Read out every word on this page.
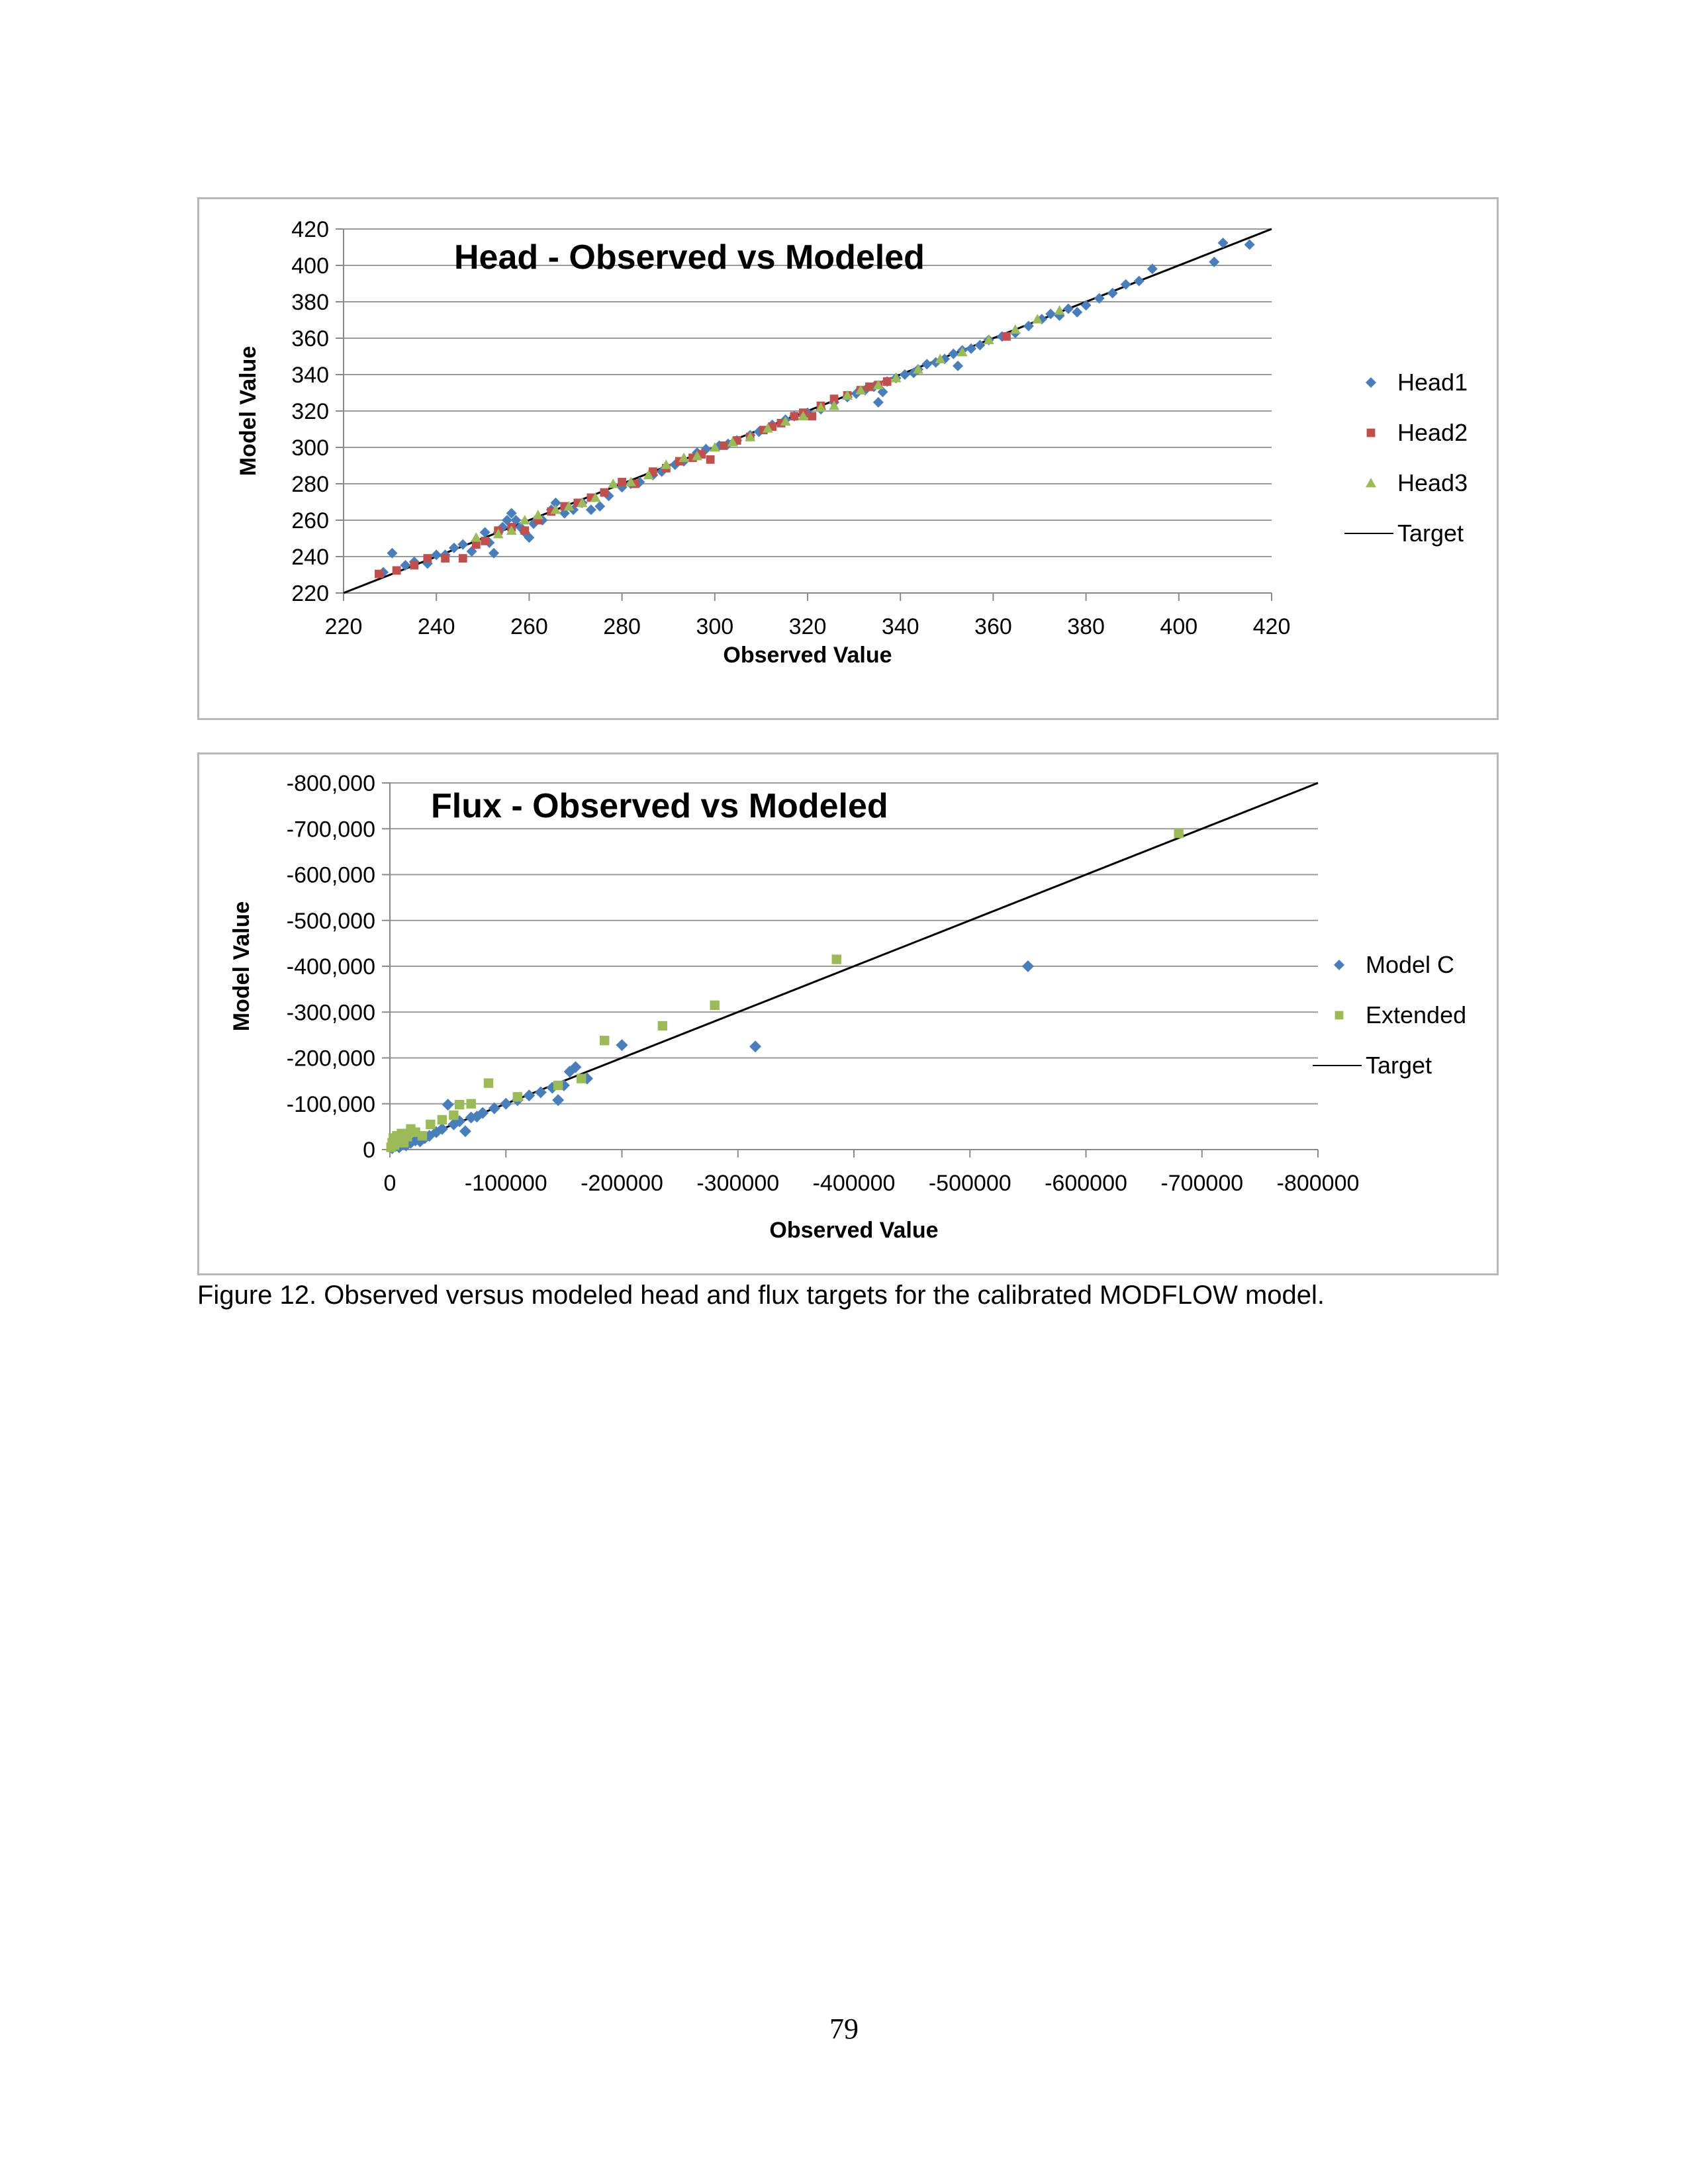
220
240
260
280
300
320
340
360
380
400
420
220 240 260 280 300 320 340 360 380 400 420
Observed Value
Model Value
Head - Observed vs Modeled
Head1
Head2
Head3
Target
0
-100,000
-200,000
-300,000
-400,000
-500,000
-600,000
-700,000
-800,000
0	-100000 -200000 -300000 -400000 -500000 -600000 -700000 -800000
Observed Value
Model Value
Flux - Observed vs Modeled
Model C
Extended
Target
Figure 12. Observed versus modeled head and flux targets for the calibrated MODFLOW model.
79
